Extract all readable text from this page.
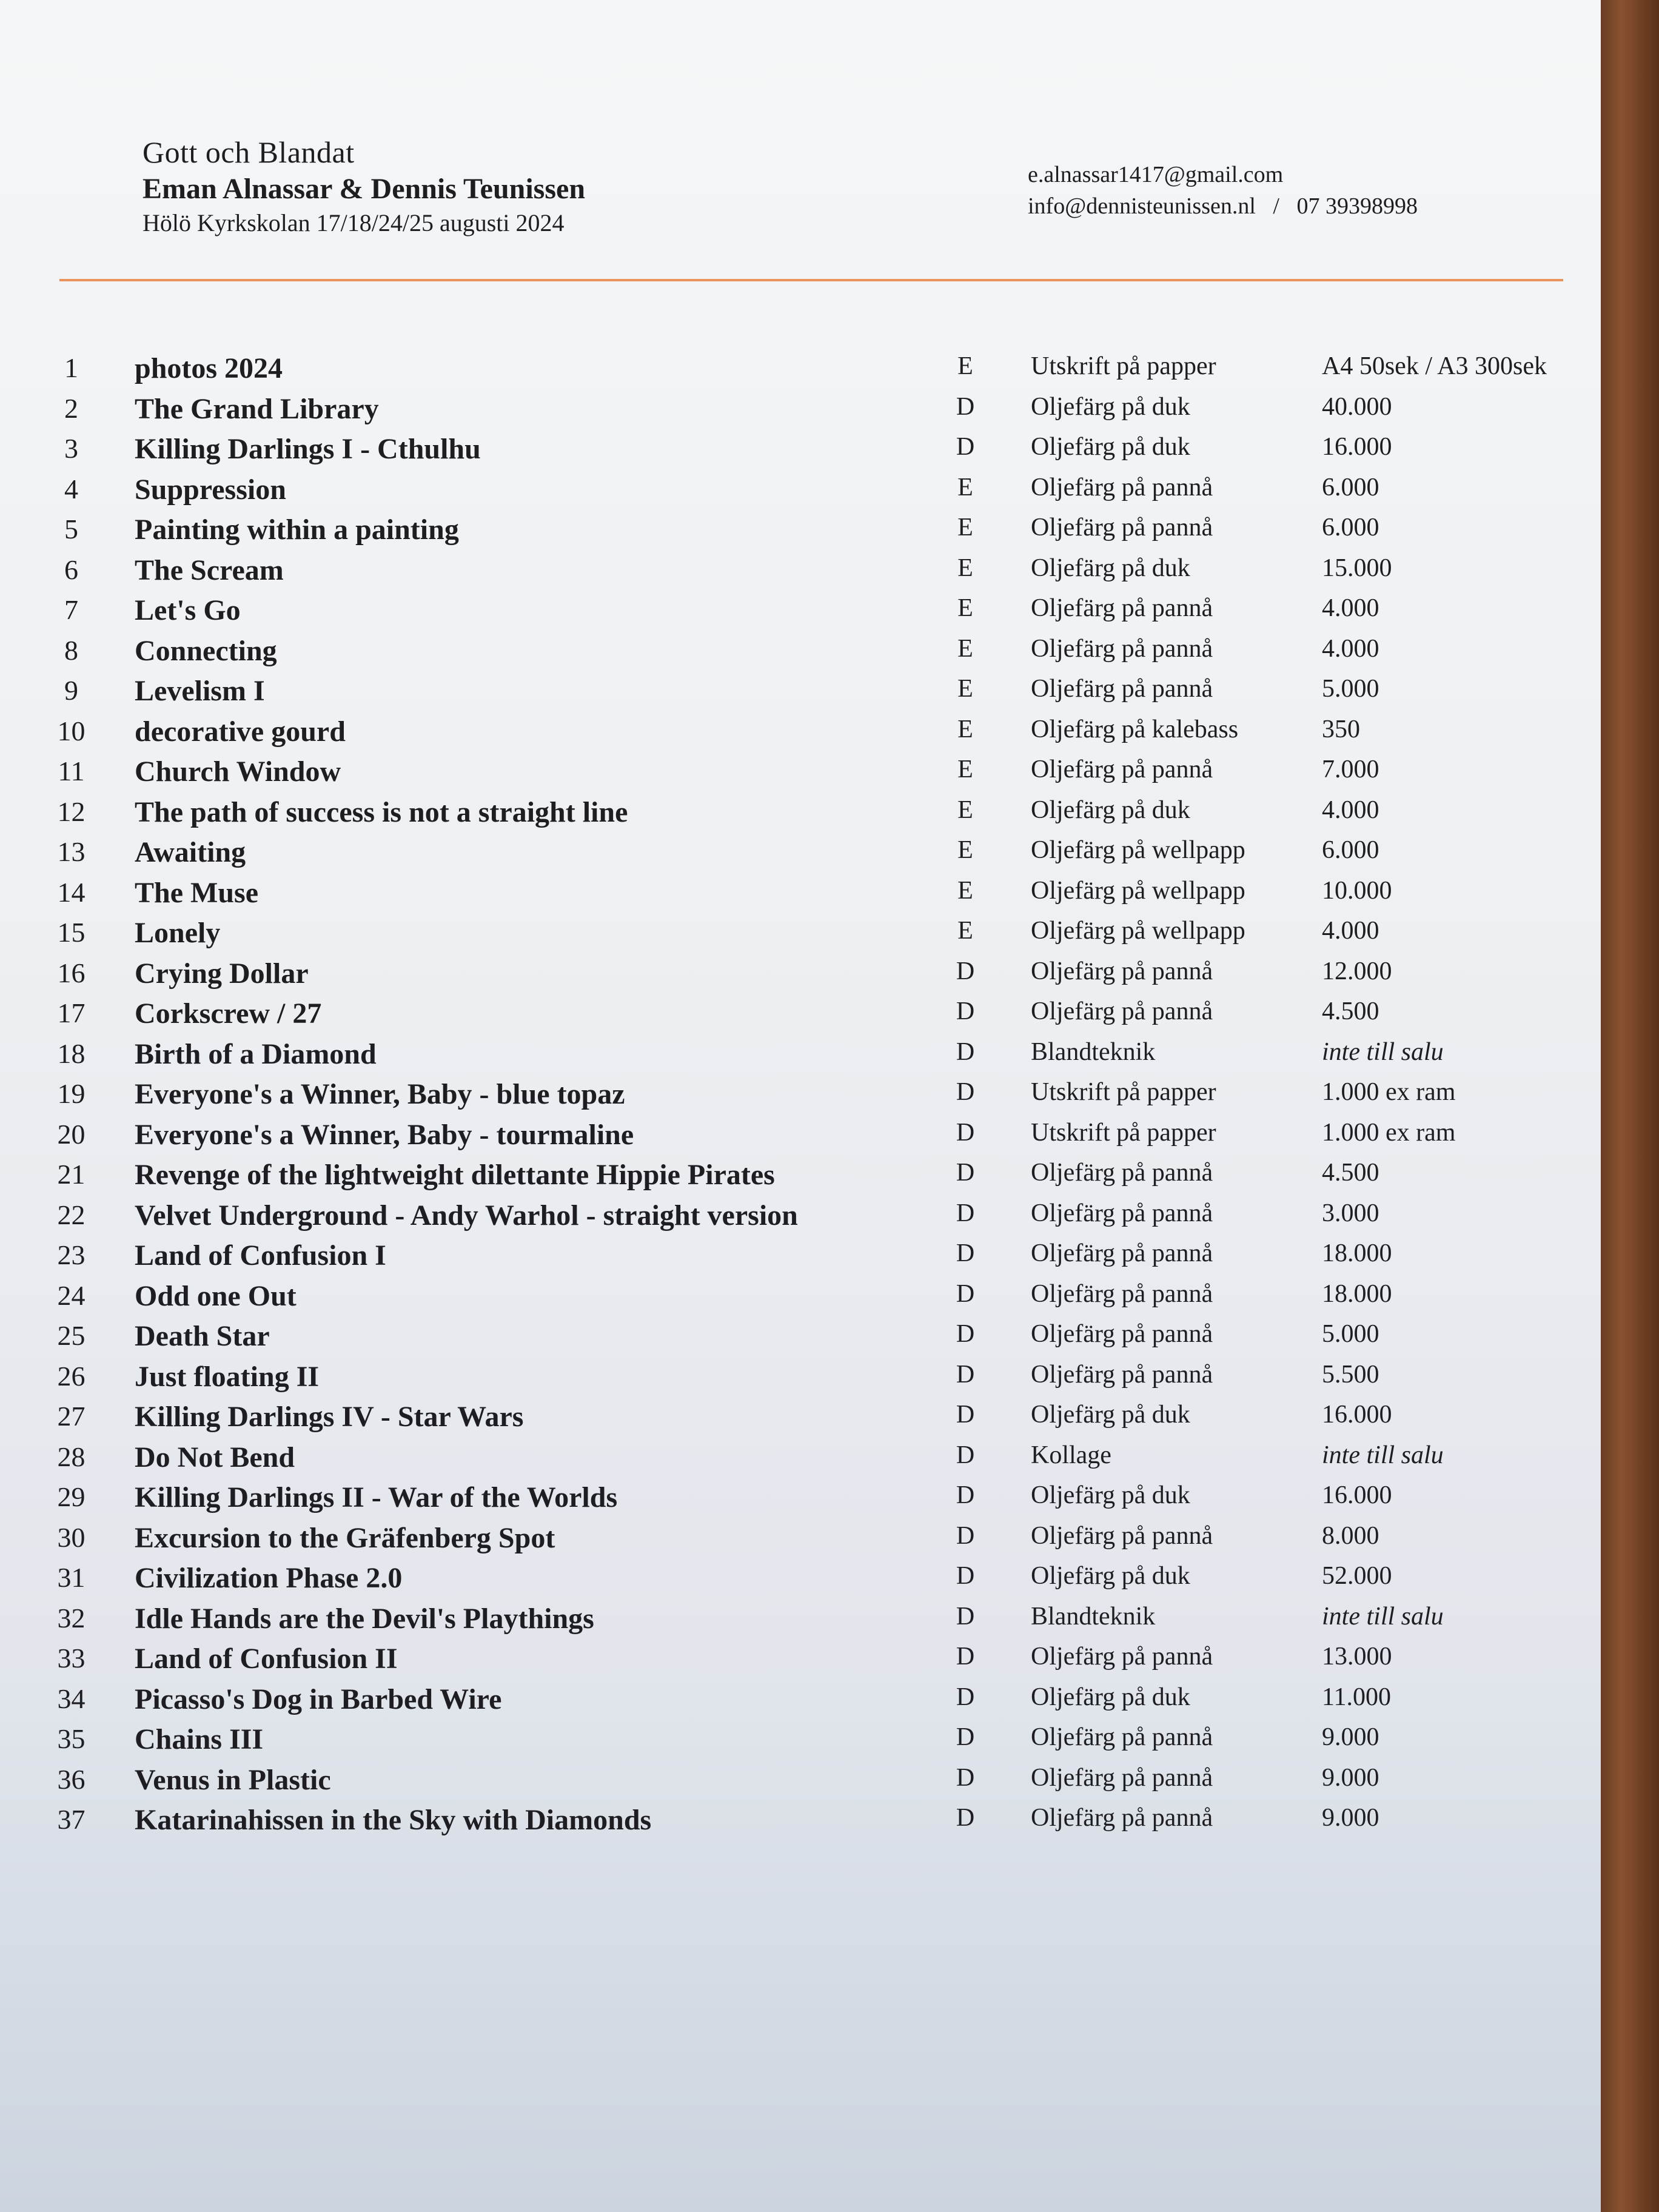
Gott och Blandat
Eman Alnassar & Dennis Teunissen
Hölö Kyrkskolan 17/18/24/25 augusti 2024
e.alnassar1417@gmail.com
info@dennisteunissen.nl   /   07 39398998
1	photos 2024	E Utskrift på papper	A4 50sek / A3 300sek
2	The Grand Library	D Oljefärg på duk	40.000
3	Killing Darlings I - Cthulhu	D Oljefärg på duk	16.000
4	Suppression	E Oljefärg på pannå	6.000
5	Painting within a painting	E Oljefärg på pannå	6.000
6	The Scream	E Oljefärg på duk	15.000
7	Let's Go	E Oljefärg på pannå	4.000
8	Connecting	E Oljefärg på pannå	4.000
9	Levelism I	E Oljefärg på pannå	5.000
10	decorative gourd	E Oljefärg på kalebass	350
11	Church Window	E Oljefärg på pannå	7.000
12	The path of success is not a straight line	E Oljefärg på duk	4.000
13	Awaiting	E Oljefärg på wellpapp	6.000
14	The Muse	E Oljefärg på wellpapp	10.000
15	Lonely	E Oljefärg på wellpapp	4.000
16	Crying Dollar	D Oljefärg på pannå	12.000
17	Corkscrew / 27	D Oljefärg på pannå	4.500
18	Birth of a Diamond	D Blandteknik	inte till salu
19	Everyone's a Winner, Baby - blue topaz	D Utskrift på papper	1.000 ex ram
20	Everyone's a Winner, Baby - tourmaline	D Utskrift på papper	1.000 ex ram
21	Revenge of the lightweight dilettante Hippie Pirates	D Oljefärg på pannå	4.500
22	Velvet Underground - Andy Warhol - straight version	D Oljefärg på pannå	3.000
23	Land of Confusion I	D Oljefärg på pannå	18.000
24	Odd one Out	D Oljefärg på pannå	18.000
25	Death Star	D Oljefärg på pannå	5.000
26	Just floating II	D Oljefärg på pannå	5.500
27	Killing Darlings IV - Star Wars	D Oljefärg på duk	16.000
28	Do Not Bend	D Kollage	inte till salu
29	Killing Darlings II - War of the Worlds	D Oljefärg på duk	16.000
30	Excursion to the Gräfenberg Spot	D Oljefärg på pannå	8.000
31	Civilization Phase 2.0	D Oljefärg på duk	52.000
32	Idle Hands are the Devil's Playthings	D Blandteknik	inte till salu
33	Land of Confusion II	D Oljefärg på pannå	13.000
34	Picasso's Dog in Barbed Wire	D Oljefärg på duk	11.000
35	Chains III	D Oljefärg på pannå	9.000
36	Venus in Plastic	D Oljefärg på pannå	9.000
37	Katarinahissen in the Sky with Diamonds	D Oljefärg på pannå	9.000
